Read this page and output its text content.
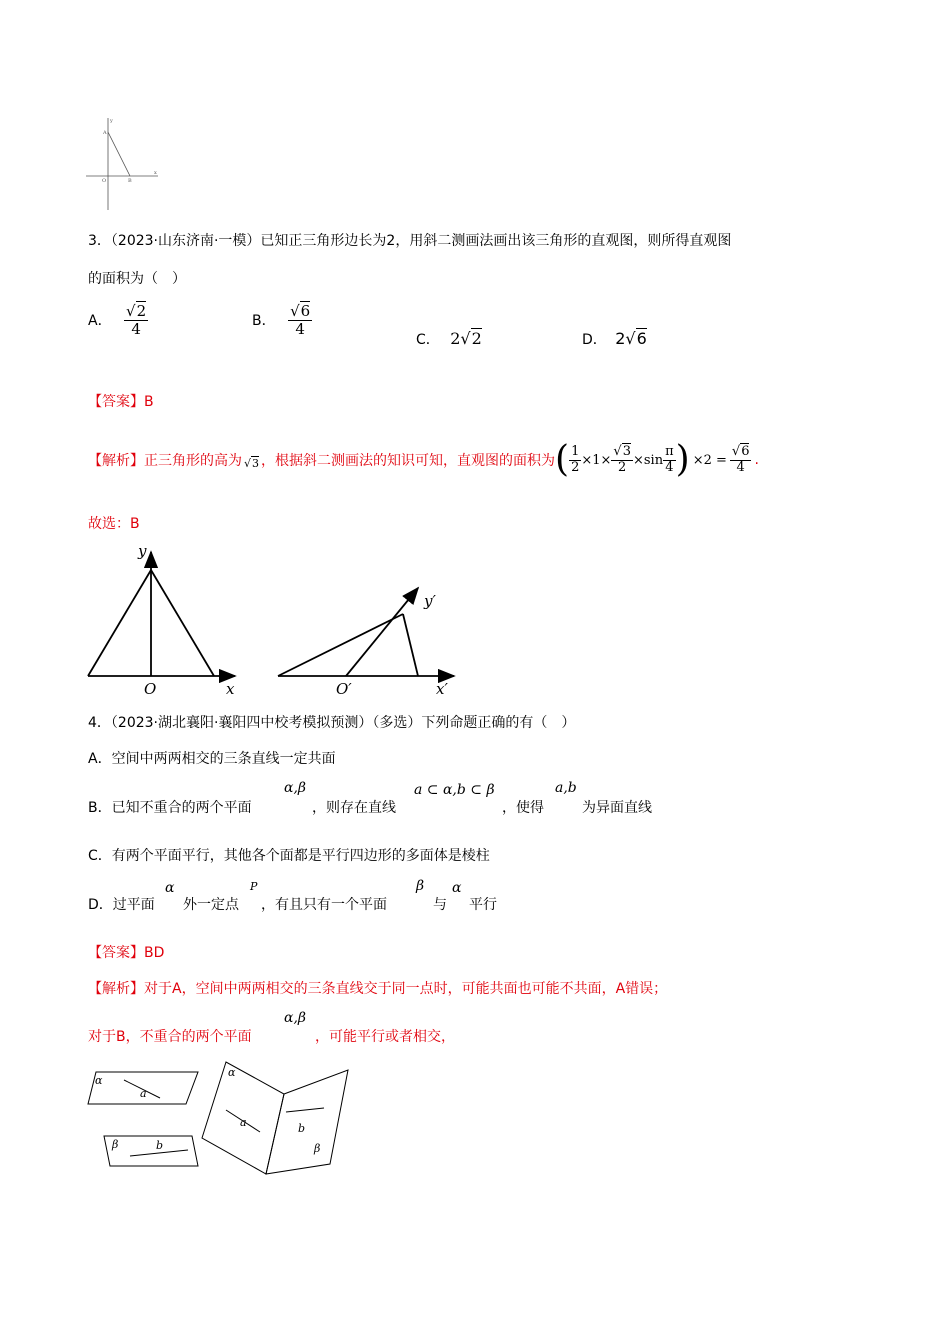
y
A
O	B
x
3．（2023·山东济南·一模）已知正三角形边长为2，用斜二测画法画出该三角形的直观图，则所得直观图
的面积为（　）
A． $\frac{√2}{4}$	B． $\frac{√6}{4}$
C． 2√2	D． 2√6
【答案】B
【解析】 正三角形的高为 √3 ，根据斜二测画法的知识可知，直观图的面积为 ( $\frac{1}{2} \times 1\times \frac{√3}{2} \times\sin \frac{\pi}{4}$ ) $\times 2 = \frac{√6}{4}$ .
故选：B
y
O	x
y′
O′	x′
4．（2023·湖北襄阳·襄阳四中校考模拟预测）（多选）下列命题正确的有（　）
A．空间中两两相交的三条直线一定共面
B．已知不重合的两个平面
α,β
，则存在直线
a ⊂ α,b ⊂ β
，使得
a,b
为异面直线
C．有两个平面平行，其他各个面都是平行四边形的多面体是棱柱
D．过平面
α
外一定点
P
，有且只有一个平面
β
与
α
平行
【答案】BD
【解析】对于A，空间中两两相交的三条直线交于同一点时，可能共面也可能不共面，A错误；
对于B，不重合的两个平面
α,β
，可能平行或者相交，
α
a
β	b
α
a	b
β
